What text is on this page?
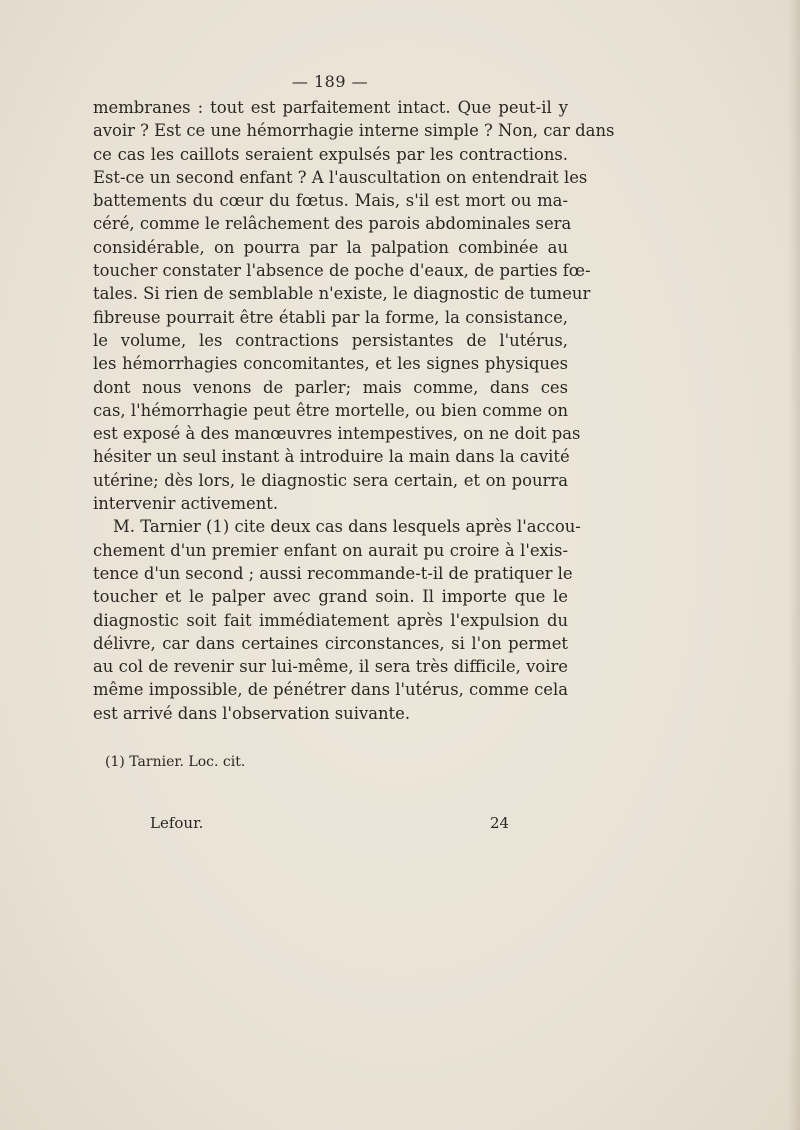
— 189 —
membranes : tout est parfaitement intact. Que peut-il y
avoir ? Est ce une hémorrhagie interne simple ? Non, car dans
ce cas les caillots seraient expulsés par les contractions.
Est-ce un second enfant ? A l'auscultation on entendrait les
battements du cœur du fœtus. Mais, s'il est mort ou ma-
céré, comme le relâchement des parois abdominales sera
considérable, on pourra par la palpation combinée au
toucher constater l'absence de poche d'eaux, de parties fœ-
tales. Si rien de semblable n'existe, le diagnostic de tumeur
fibreuse pourrait être établi par la forme, la consistance,
le volume, les contractions persistantes de l'utérus,
les hémorrhagies concomitantes, et les signes physiques
dont nous venons de parler; mais comme, dans ces
cas, l'hémorrhagie peut être mortelle, ou bien comme on
est exposé à des manœuvres intempestives, on ne doit pas
hésiter un seul instant à introduire la main dans la cavité
utérine; dès lors, le diagnostic sera certain, et on pourra
intervenir activement.
M. Tarnier (1) cite deux cas dans lesquels après l'accou-
chement d'un premier enfant on aurait pu croire à l'exis-
tence d'un second ; aussi recommande-t-il de pratiquer le
toucher et le palper avec grand soin. Il importe que le
diagnostic soit fait immédiatement après l'expulsion du
délivre, car dans certaines circonstances, si l'on permet
au col de revenir sur lui-même, il sera très difficile, voire
même impossible, de pénétrer dans l'utérus, comme cela
est arrivé dans l'observation suivante.
(1) Tarnier. Loc. cit.
Lefour.	24
